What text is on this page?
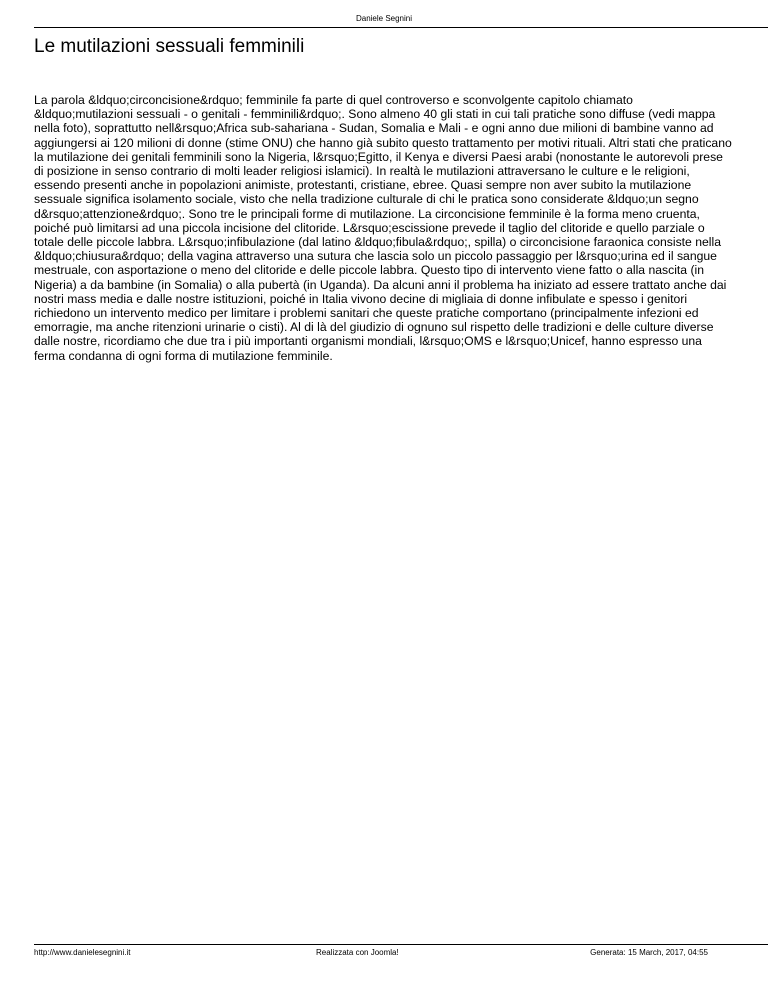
Daniele Segnini
Le mutilazioni sessuali femminili

La parola &ldquo;circoncisione&rdquo; femminile fa parte di quel controverso e sconvolgente capitolo chiamato &ldquo;mutilazioni sessuali - o genitali - femminili&rdquo;. Sono almeno 40 gli stati in cui tali pratiche sono diffuse (vedi mappa nella foto), soprattutto nell&rsquo;Africa sub-sahariana - Sudan, Somalia e Mali - e ogni anno due milioni di bambine vanno ad aggiungersi ai 120 milioni di donne (stime ONU) che hanno già subito questo trattamento per motivi rituali. Altri stati che praticano la mutilazione dei genitali femminili sono la Nigeria, l&rsquo;Egitto, il Kenya e diversi Paesi arabi (nonostante le autorevoli prese di posizione in senso contrario di molti leader religiosi islamici). In realtà le mutilazioni attraversano le culture e le religioni, essendo presenti anche in popolazioni animiste, protestanti, cristiane, ebree. Quasi sempre non aver subito la mutilazione sessuale significa isolamento sociale, visto che nella tradizione culturale di chi le pratica sono considerate &ldquo;un segno d&rsquo;attenzione&rdquo;. Sono tre le principali forme di mutilazione. La circoncisione femminile è la forma meno cruenta, poiché può limitarsi ad una piccola incisione del clitoride. L&rsquo;escissione prevede il taglio del clitoride e quello parziale o totale delle piccole labbra. L&rsquo;infibulazione (dal latino &ldquo;fibula&rdquo;, spilla) o circoncisione faraonica consiste nella &ldquo;chiusura&rdquo; della vagina attraverso una sutura che lascia solo un piccolo passaggio per l&rsquo;urina ed il sangue mestruale, con asportazione o meno del clitoride e delle piccole labbra. Questo tipo di intervento viene fatto o alla nascita (in Nigeria) a da bambine (in Somalia) o alla pubertà (in Uganda). Da alcuni anni il problema ha iniziato ad essere trattato anche dai nostri mass media e dalle nostre istituzioni, poiché in Italia vivono decine di migliaia di donne infibulate e spesso i genitori richiedono un intervento medico per limitare i problemi sanitari che queste pratiche comportano (principalmente infezioni ed emorragie, ma anche ritenzioni urinarie o cisti). Al di là del giudizio di ognuno sul rispetto delle tradizioni e delle culture diverse dalle nostre, ricordiamo che due tra i più importanti organismi mondiali, l&rsquo;OMS e l&rsquo;Unicef, hanno espresso una ferma condanna di ogni forma di mutilazione femminile.

http://www.danielesegnini.it	Realizzata con Joomla!	Generata: 15 March, 2017, 04:55
